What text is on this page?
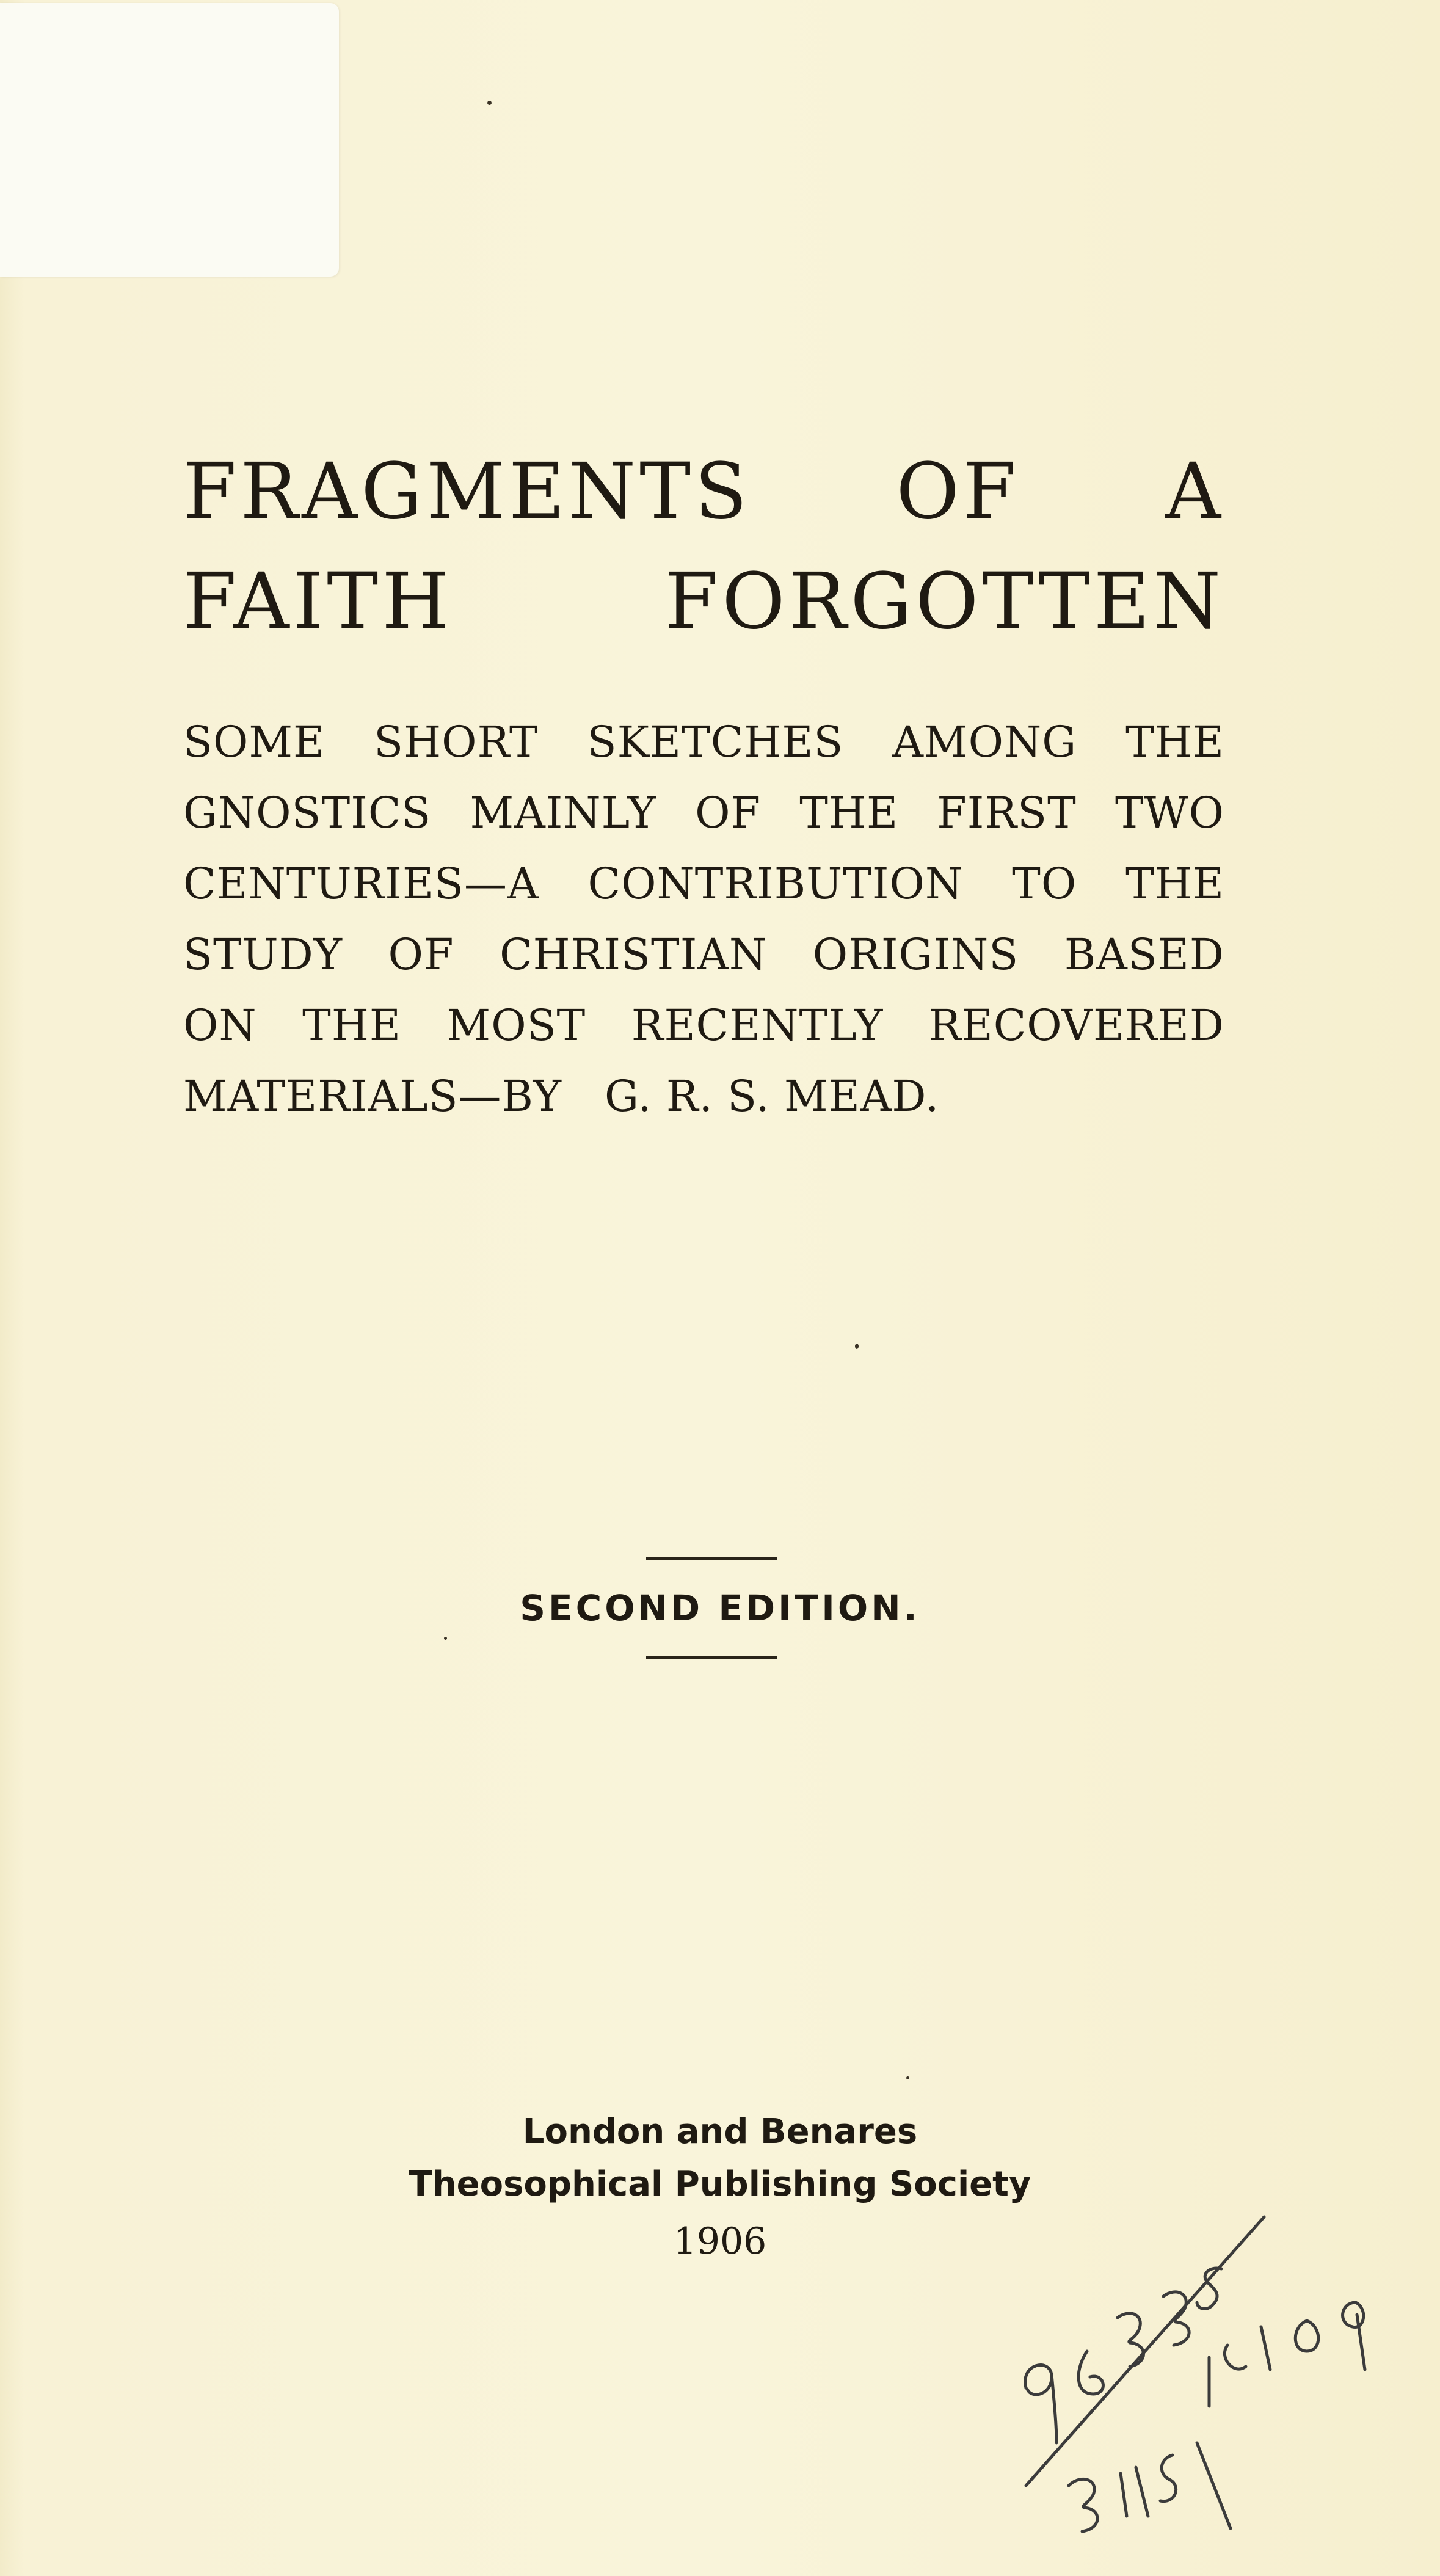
FRAGMENTS OF A
FAITH FORGOTTEN
SOME SHORT SKETCHES AMONG THE
GNOSTICS MAINLY OF THE FIRST TWO
CENTURIES—A CONTRIBUTION TO THE
STUDY OF CHRISTIAN ORIGINS BASED
ON THE MOST RECENTLY RECOVERED
MATERIALS—BY G. R. S. MEAD.
SECOND EDITION.
London and Benares
Theosophical Publishing Society
1906
